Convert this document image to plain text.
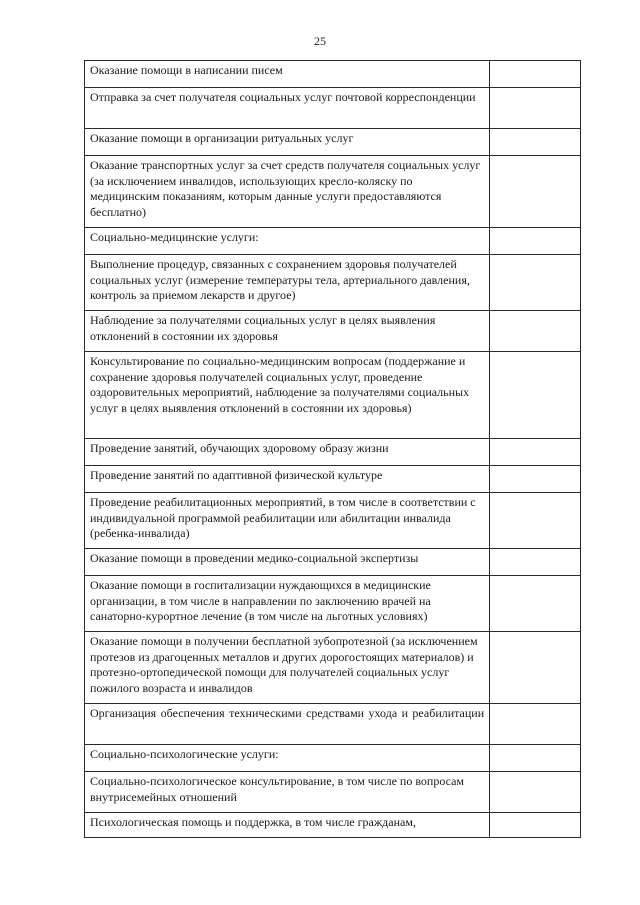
25
Оказание помощи в написании писем	
Отправка за счет получателя социальных услуг почтовой корреспонденции	
Оказание помощи в организации ритуальных услуг	
Оказание транспортных услуг за счет средств получателя социальных услуг (за исключением инвалидов, использующих кресло-коляску по медицинским показаниям, которым данные услуги предоставляются бесплатно)	
Социально-медицинские услуги:	
Выполнение процедур, связанных с сохранением здоровья получателей социальных услуг (измерение температуры тела, артериального давления, контроль за приемом лекарств и другое)	
Наблюдение за получателями социальных услуг в целях выявления отклонений в состоянии их здоровья	
Консультирование по социально-медицинским вопросам (поддержание и сохранение здоровья получателей социальных услуг, проведение оздоровительных мероприятий, наблюдение за получателями социальных услуг в целях выявления отклонений в состоянии их здоровья)	
Проведение занятий, обучающих здоровому образу жизни	
Проведение занятий по адаптивной физической культуре	
Проведение реабилитационных мероприятий, в том числе в соответствии с индивидуальной программой реабилитации или абилитации инвалида (ребенка-инвалида)	
Оказание помощи в проведении медико-социальной экспертизы	
Оказание помощи в госпитализации нуждающихся в медицинские организации, в том числе в направлении по заключению врачей на санаторно-курортное лечение (в том числе на льготных условиях)	
Оказание помощи в получении бесплатной зубопротезной (за исключением протезов из драгоценных металлов и других дорогостоящих материалов) и протезно-ортопедической помощи для получателей социальных услуг пожилого возраста и инвалидов	
Организация обеспечения техническими средствами ухода и реабилитации	
Социально-психологические услуги:	
Социально-психологическое консультирование, в том числе по вопросам внутрисемейных отношений	
Психологическая помощь и поддержка, в том числе гражданам,	
